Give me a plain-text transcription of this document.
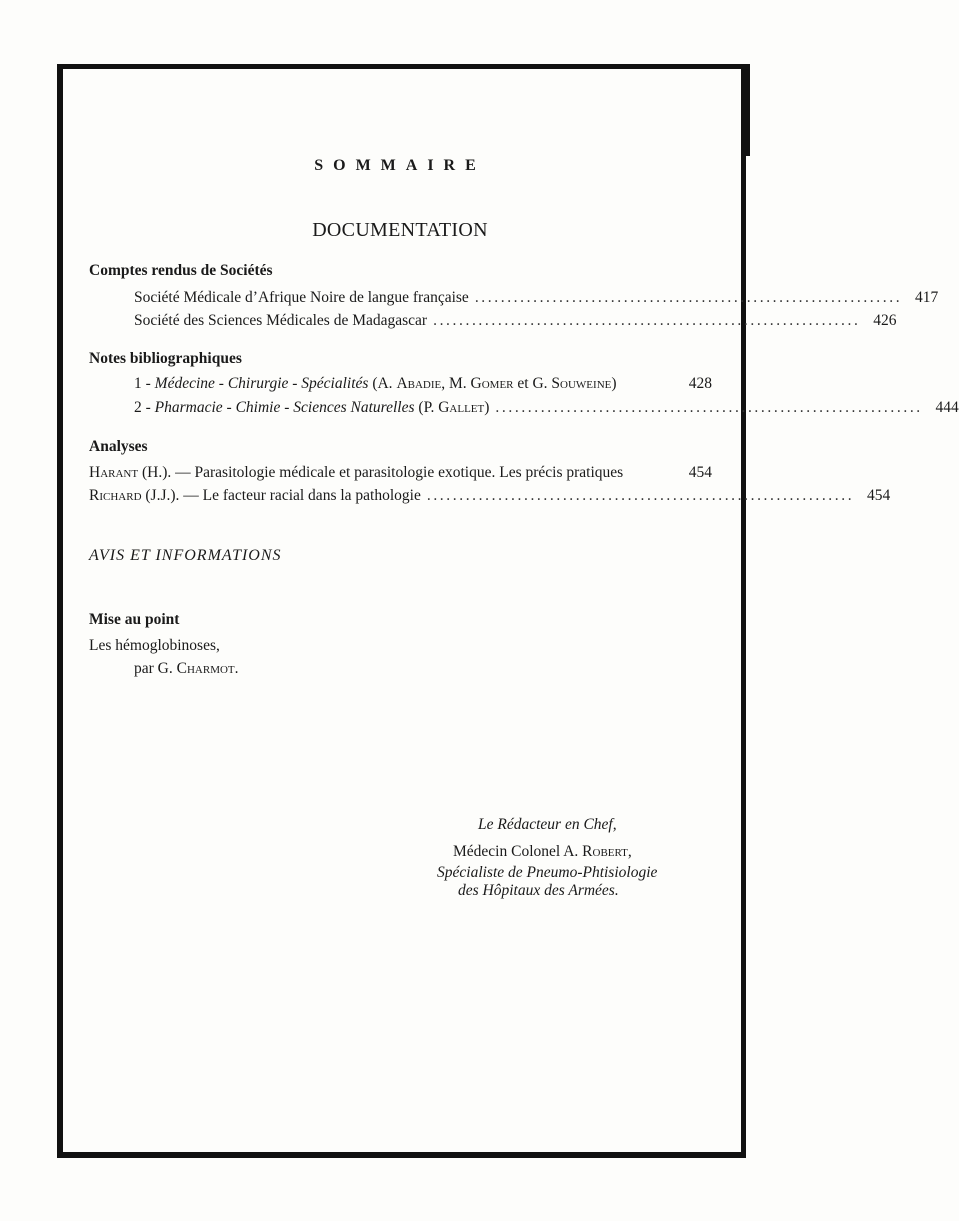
SOMMAIRE
DOCUMENTATION
Comptes rendus de Sociétés
Société Médicale d’Afrique Noire de langue française .................................................................. 417
Société des Sciences Médicales de Madagascar .................................................................. 426
Notes bibliographiques
1 - Médecine - Chirurgie - Spécialités (A. Abadie, M. Gomer et G. Souweine)	428
2 - Pharmacie - Chimie - Sciences Naturelles (P. Gallet) .................................................................. 444
Analyses
Harant (H.). — Parasitologie médicale et parasitologie exotique. Les précis pratiques	454
Richard (J.J.). — Le facteur racial dans la pathologie .................................................................. 454
AVIS ET INFORMATIONS
Mise au point
Les hémoglobinoses,
par G. Charmot.
Le Rédacteur en Chef,
Médecin Colonel A. Robert,
Spécialiste de Pneumo-Phtisiologie
des Hôpitaux des Armées.
